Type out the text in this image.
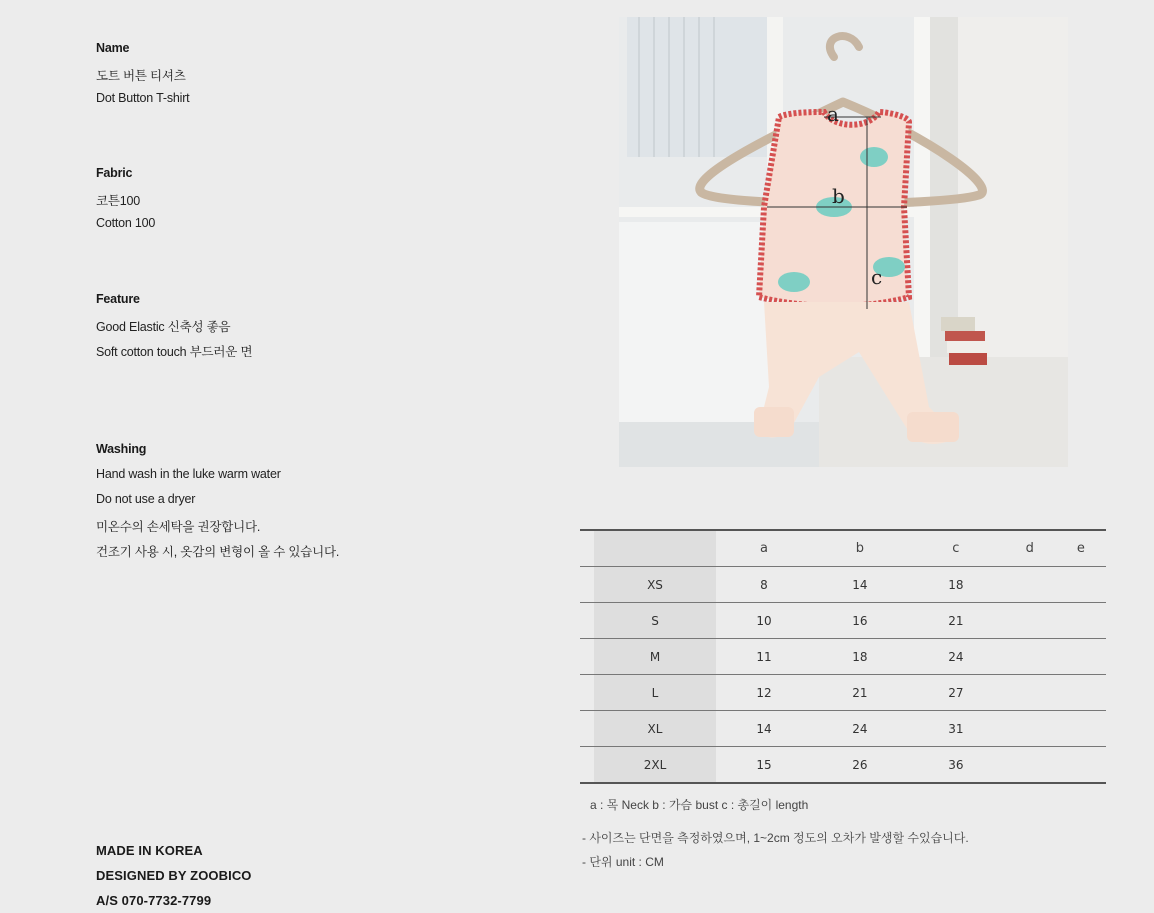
Name
도트 버튼 티셔츠
Dot Button T-shirt
Fabric
코튼100
Cotton 100
Feature
Good Elastic 신축성 좋음
Soft cotton touch 부드러운 면
Washing
Hand wash in the luke warm water
Do not use a dryer
미온수의 손세탁을 권장합니다.
건조기 사용 시, 옷감의 변형이 올 수 있습니다.
MADE IN KOREA
DESIGNED BY ZOOBICO
A/S 070-7732-7799
a
b
c
		a	b	c	d	e
	XS	8	14	18		
	S	10	16	21		
	M	11	18	24		
	L	12	21	27		
	XL	14	24	31		
	2XL	15	26	36		
a : 목 Neck b : 가슴 bust c : 총길이 length
- 사이즈는 단면을 측정하였으며, 1~2cm 정도의 오차가 발생할 수있습니다.
- 단위 unit : CM
